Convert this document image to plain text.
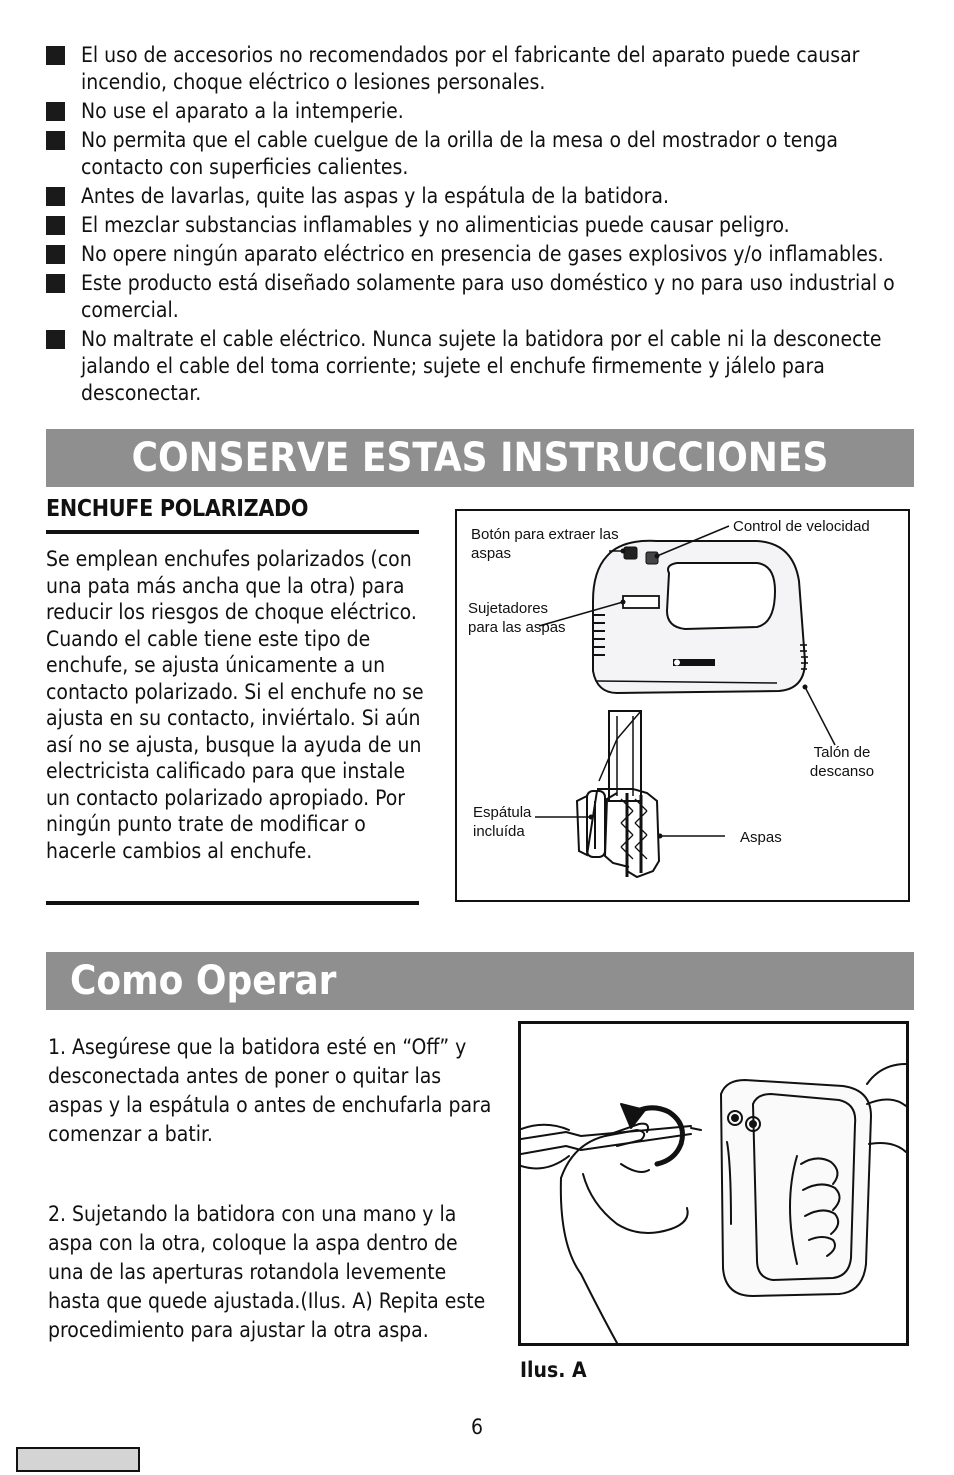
El uso de accesorios no recomendados por el fabricante del aparato puede causar incendio, choque eléctrico o lesiones personales.
No use el aparato a la intemperie.
No permita que el cable cuelgue de la orilla de la mesa o del mostrador o tenga contacto con superficies calientes.
Antes de lavarlas, quite las aspas y la espátula de la batidora.
El mezclar substancias inflamables y no alimenticias puede causar peligro.
No opere ningún aparato eléctrico en presencia de gases explosivos y/o inflamables.
Este producto está diseñado solamente para uso doméstico y no para uso industrial o comercial.
No maltrate el cable eléctrico. Nunca sujete la batidora por el cable ni la desconecte jalando el cable del toma corriente; sujete el enchufe firmemente y jálelo para desconectar.
CONSERVE ESTAS INSTRUCCIONES
ENCHUFE POLARIZADO

Se emplean enchufes polarizados (con una pata más ancha que la otra) para reducir los riesgos de choque eléctrico. Cuando el cable tiene este tipo de enchufe, se ajusta únicamente a un contacto polarizado. Si el enchufe no se ajusta en su contacto, inviértalo. Si aún así no se ajusta, busque la ayuda de un electricista calificado para que instale un contacto polarizado apropiado. Por ningún punto trate de modificar o hacerle cambios al enchufe.

Botón para extraer las aspas
Control de velocidad
Sujetadores para las aspas
Talón de descanso
Espátula incluída	Aspas
Como Operar

1. Asegúrese que la batidora esté en “Off” y desconectada antes de poner o quitar las aspas y la espátula o antes de enchufarla para comenzar a batir.

2. Sujetando la batidora con una mano y la aspa con la otra, coloque la aspa dentro de una de las aperturas rotandola levemente hasta que quede ajustada.(Ilus. A) Repita este procedimiento para ajustar la otra aspa.

Ilus. A
6
